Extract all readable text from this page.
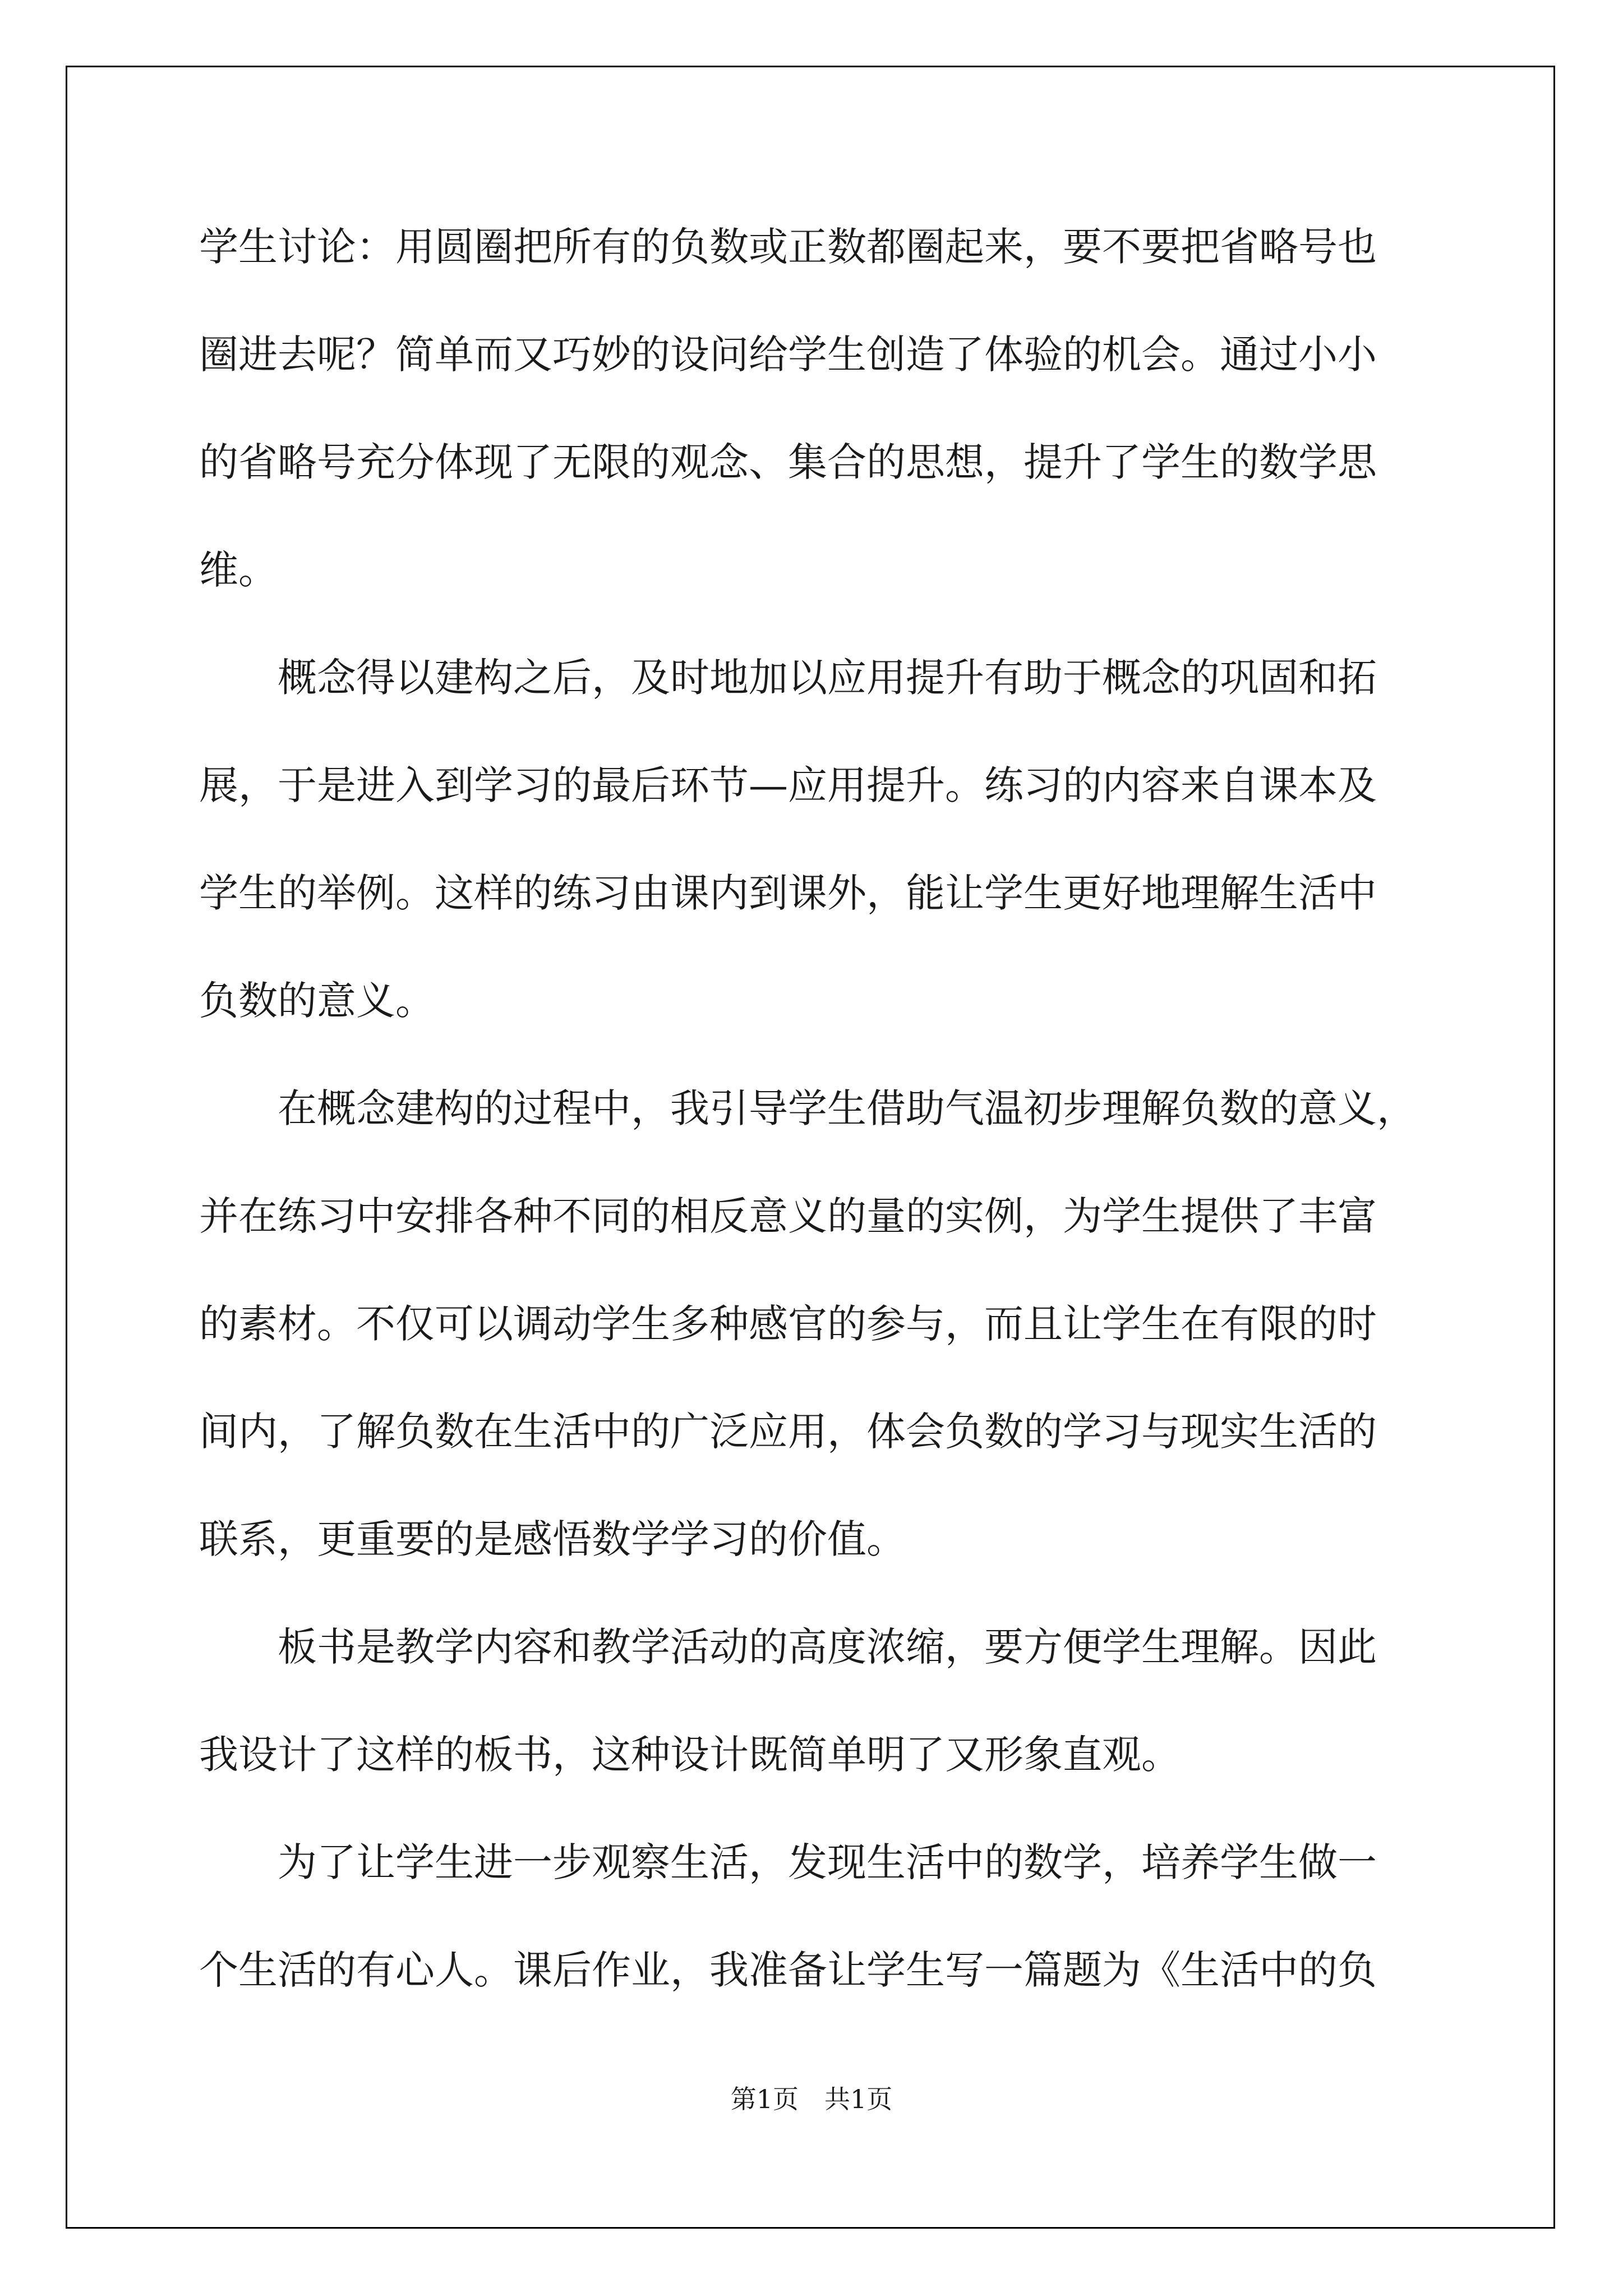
学生讨论：用圆圈把所有的负数或正数都圈起来，要不要把省略号也
圈进去呢？简单而又巧妙的设问给学生创造了体验的机会。通过小小
的省略号充分体现了无限的观念、集合的思想，提升了学生的数学思
维。
　　概念得以建构之后，及时地加以应用提升有助于概念的巩固和拓
展，于是进入到学习的最后环节—应用提升。练习的内容来自课本及
学生的举例。这样的练习由课内到课外，能让学生更好地理解生活中
负数的意义。
　　在概念建构的过程中，我引导学生借助气温初步理解负数的意义，
并在练习中安排各种不同的相反意义的量的实例，为学生提供了丰富
的素材。不仅可以调动学生多种感官的参与，而且让学生在有限的时
间内，了解负数在生活中的广泛应用，体会负数的学习与现实生活的
联系，更重要的是感悟数学学习的价值。
　　板书是教学内容和教学活动的高度浓缩，要方便学生理解。因此
我设计了这样的板书，这种设计既简单明了又形象直观。
　　为了让学生进一步观察生活，发现生活中的数学，培养学生做一
个生活的有心人。课后作业，我准备让学生写一篇题为《生活中的负
第1页　共1页
